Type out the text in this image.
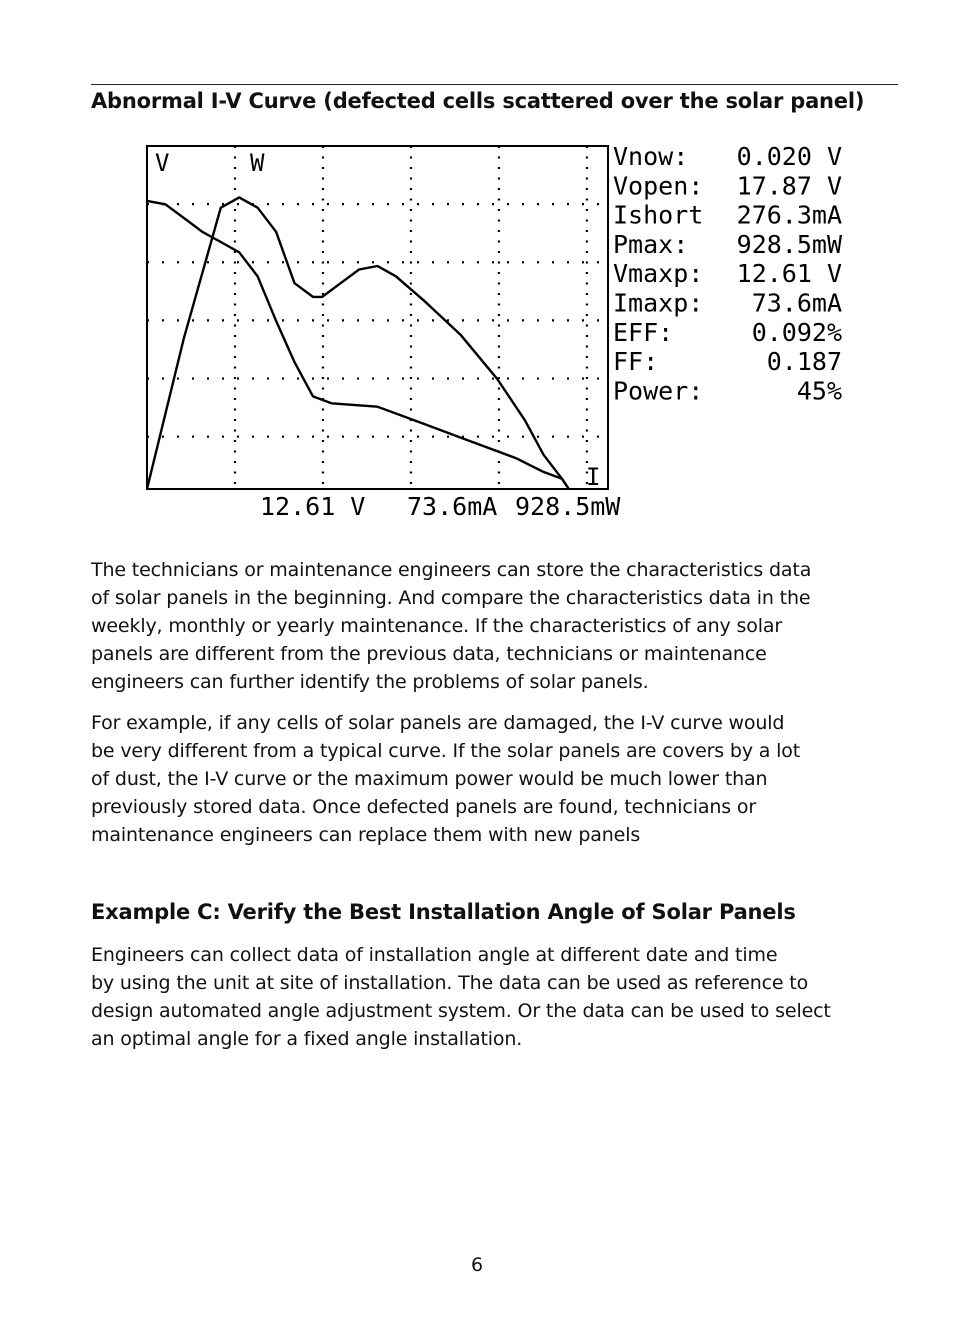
Abnormal I-V Curve (defected cells scattered over the solar panel)
V	W
I
Vnow: 0.020 V
Vopen: 17.87 V
Ishort 276.3mA
Pmax: 928.5mW
Vmaxp: 12.61 V
Imaxp: 73.6mA
EFF:	0.092%
FF:	0.187
Power:	45%
12.61 V 73.6mA 928.5mW

The technicians or maintenance engineers can store the characteristics data
of solar panels in the beginning. And compare the characteristics data in the
weekly, monthly or yearly maintenance. If the characteristics of any solar
panels are different from the previous data, technicians or maintenance
engineers can further identify the problems of solar panels.

For example, if any cells of solar panels are damaged, the I-V curve would
be very different from a typical curve. If the solar panels are covers by a lot
of dust, the I-V curve or the maximum power would be much lower than
previously stored data. Once defected panels are found, technicians or
maintenance engineers can replace them with new panels

Example C: Verify the Best Installation Angle of Solar Panels

Engineers can collect data of installation angle at different date and time
by using the unit at site of installation. The data can be used as reference to
design automated angle adjustment system. Or the data can be used to select
an optimal angle for a fixed angle installation.

6
